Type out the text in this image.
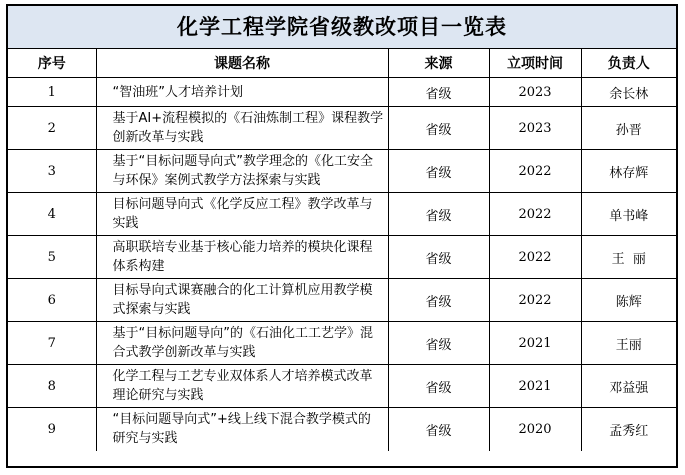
化学工程学院省级教改项目一览表
序号	课题名称	来源	立项时间	负责人
1	“智油班”人才培养计划	省级	2023	余长林
2	基于AI+流程模拟的《石油炼制工程》课程教学创新改革与实践	省级	2023	孙晋
3	基于“目标问题导向式”教学理念的《化工安全与环保》案例式教学方法探索与实践	省级	2022	林存辉
4	目标问题导向式《化学反应工程》教学改革与实践	省级	2022	单书峰
5	高职联培专业基于核心能力培养的模块化课程体系构建	省级	2022	王  丽
6	目标导向式课赛融合的化工计算机应用教学模式探索与实践	省级	2022	陈辉
7	基于“目标问题导向”的《石油化工工艺学》混合式教学创新改革与实践	省级	2021	王丽
8	化学工程与工艺专业双体系人才培养模式改革理论研究与实践	省级	2021	邓益强
9	“目标问题导向式”+线上线下混合教学模式的研究与实践	省级	2020	孟秀红
